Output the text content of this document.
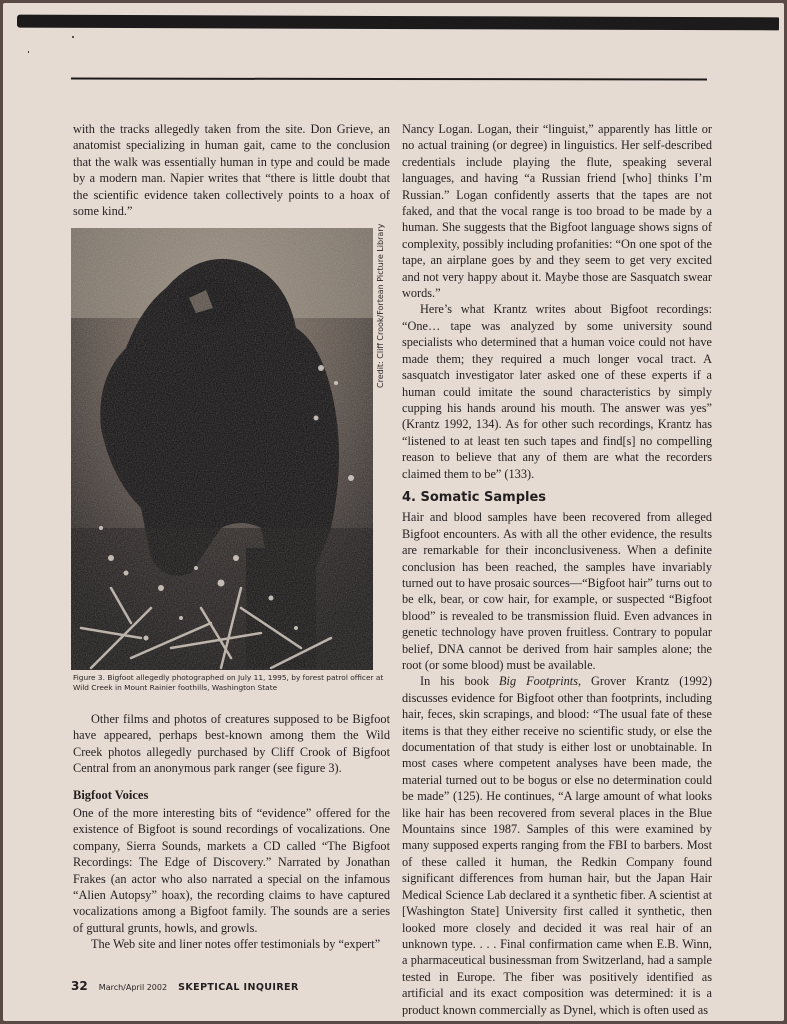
with the tracks allegedly taken from the site. Don Grieve, an anatomist specializing in human gait, came to the conclusion that the walk was essentially human in type and could be made by a modern man. Napier writes that “there is little doubt that the scientific evidence taken collectively points to a hoax of some kind.”

Credit: Cliff Crook/Fortean Picture Library
Figure 3. Bigfoot allegedly photographed on July 11, 1995, by forest patrol officer at Wild Creek in Mount Rainier foothills, Washington State

Other films and photos of creatures supposed to be Bigfoot have appeared, perhaps best-known among them the Wild Creek photos allegedly purchased by Cliff Crook of Bigfoot Central from an anonymous park ranger (see figure 3).

Bigfoot Voices

One of the more interesting bits of “evidence” offered for the existence of Bigfoot is sound recordings of vocalizations. One company, Sierra Sounds, markets a CD called “The Bigfoot Recordings: The Edge of Discovery.” Narrated by Jonathan Frakes (an actor who also narrated a special on the infamous “Alien Autopsy” hoax), the recording claims to have captured vocalizations among a Bigfoot family. The sounds are a series of guttural grunts, howls, and growls.

The Web site and liner notes offer testimonials by “expert”

Nancy Logan. Logan, their “linguist,” apparently has little or no actual training (or degree) in linguistics. Her self-described credentials include playing the flute, speaking several languages, and having “a Russian friend [who] thinks I’m Russian.” Logan confidently asserts that the tapes are not faked, and that the vocal range is too broad to be made by a human. She suggests that the Bigfoot language shows signs of complexity, possibly including profanities: “On one spot of the tape, an airplane goes by and they seem to get very excited and not very happy about it. Maybe those are Sasquatch swear words.”

Here’s what Krantz writes about Bigfoot recordings: “One… tape was analyzed by some university sound specialists who determined that a human voice could not have made them; they required a much longer vocal tract. A sasquatch investigator later asked one of these experts if a human could imitate the sound characteristics by simply cupping his hands around his mouth. The answer was yes” (Krantz 1992, 134). As for other such recordings, Krantz has “listened to at least ten such tapes and find[s] no compelling reason to believe that any of them are what the recorders claimed them to be” (133).

4. Somatic Samples

Hair and blood samples have been recovered from alleged Bigfoot encounters. As with all the other evidence, the results are remarkable for their inconclusiveness. When a definite conclusion has been reached, the samples have invariably turned out to have prosaic sources—“Bigfoot hair” turns out to be elk, bear, or cow hair, for example, or suspected “Bigfoot blood” is revealed to be transmission fluid. Even advances in genetic technology have proven fruitless. Contrary to popular belief, DNA cannot be derived from hair samples alone; the root (or some blood) must be available.

In his book Big Footprints, Grover Krantz (1992) discusses evidence for Bigfoot other than footprints, including hair, feces, skin scrapings, and blood: “The usual fate of these items is that they either receive no scientific study, or else the documentation of that study is either lost or unobtainable. In most cases where competent analyses have been made, the material turned out to be bogus or else no determination could be made” (125). He continues, “A large amount of what looks like hair has been recovered from several places in the Blue Mountains since 1987. Samples of this were examined by many supposed experts ranging from the FBI to barbers. Most of these called it human, the Redkin Company found significant differences from human hair, but the Japan Hair Medical Science Lab declared it a synthetic fiber. A scientist at [Washington State] University first called it synthetic, then looked more closely and decided it was real hair of an unknown type. . . . Final confirmation came when E.B. Winn, a pharmaceutical businessman from Switzerland, had a sample tested in Europe. The fiber was positively identified as artificial and its exact composition was determined: it is a product known commercially as Dynel, which is often used as

32 March/April 2002 SKEPTICAL INQUIRER
